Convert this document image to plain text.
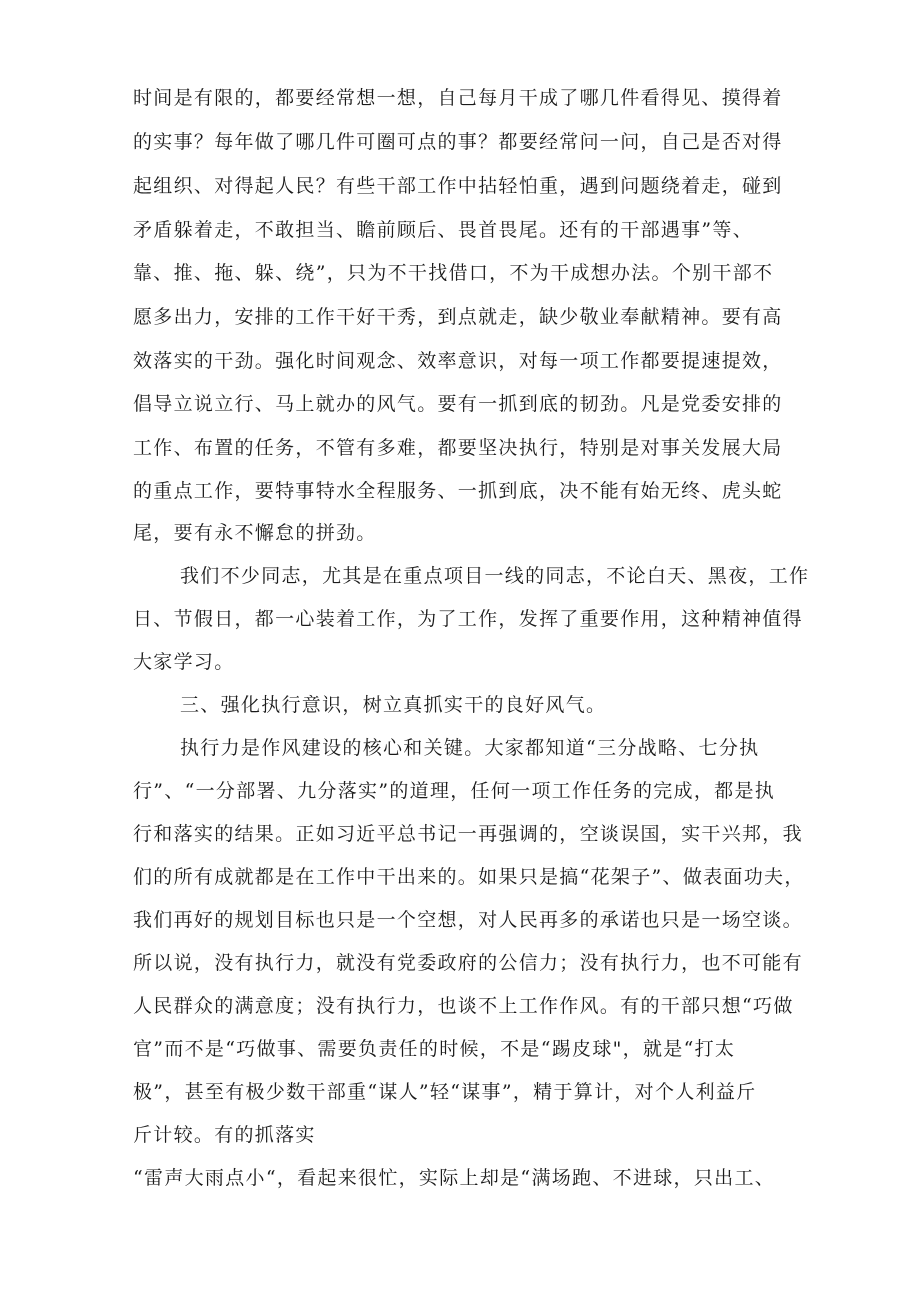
时间是有限的，都要经常想一想，自己每月干成了哪几件看得见、摸得着

的实事？每年做了哪几件可圈可点的事？都要经常问一问，自己是否对得

起组织、对得起人民？有些干部工作中拈轻怕重，遇到问题绕着走，碰到

矛盾躲着走，不敢担当、瞻前顾后、畏首畏尾。还有的干部遇事”等、

靠、推、拖、躲、绕”，只为不干找借口，不为干成想办法。个别干部不

愿多出力，安排的工作干好干秀，到点就走，缺少敬业奉献精神。要有高

效落实的干劲。强化时间观念、效率意识，对每一项工作都要提速提效，

倡导立说立行、马上就办的风气。要有一抓到底的韧劲。凡是党委安排的

工作、布置的任务，不管有多难，都要坚决执行，特别是对事关发展大局

的重点工作，要特事特水全程服务、一抓到底，决不能有始无终、虎头蛇

尾，要有永不懈怠的拼劲。

我们不少同志，尤其是在重点项目一线的同志，不论白天、黑夜，工作

日、节假日，都一心装着工作，为了工作，发挥了重要作用，这种精神值得

大家学习。

三、强化执行意识，树立真抓实干的良好风气。

执行力是作风建设的核心和关键。大家都知道“三分战略、七分执

行”、“一分部署、九分落实”的道理，任何一项工作任务的完成，都是执

行和落实的结果。正如习近平总书记一再强调的，空谈误国，实干兴邦，我

们的所有成就都是在工作中干出来的。如果只是搞“花架子”、做表面功夫，

我们再好的规划目标也只是一个空想，对人民再多的承诺也只是一场空谈。

所以说，没有执行力，就没有党委政府的公信力；没有执行力，也不可能有

人民群众的满意度；没有执行力，也谈不上工作作风。有的干部只想“巧做

官”而不是“巧做事、需要负责任的时候，不是“踢皮球"，就是“打太

极”，甚至有极少数干部重“谋人”轻“谋事”，精于算计，对个人利益斤

斤计较。有的抓落实

“雷声大雨点小“，看起来很忙，实际上却是“满场跑、不进球，只出工、
